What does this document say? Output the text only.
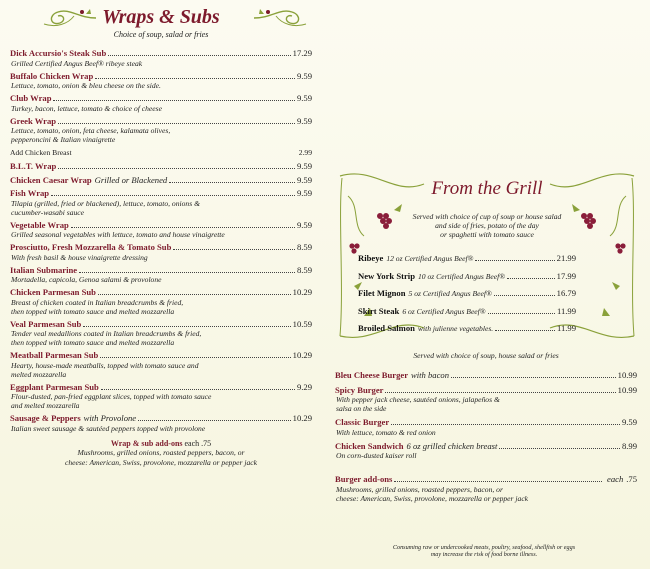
Wraps & Subs
Choice of soup, salad or fries
Dick Accursio's Steak Sub	17.29
Grilled Certified Angus Beef® ribeye steak
Buffalo Chicken Wrap	9.59
Lettuce, tomato, onion & bleu cheese on the side.
Club Wrap	9.59
Turkey, bacon, lettuce, tomato & choice of cheese
Greek Wrap	9.59
Lettuce, tomato, onion, feta cheese, kalamata olives,
pepperoncini & Italian vinaigrette
Add Chicken Breast	2.99
B.L.T. Wrap	9.59
Chicken Caesar Wrap Grilled or Blackened	9.59
Fish Wrap	9.59
Tilapia (grilled, fried or blackened), lettuce, tomato, onions &
cucumber-wasabi sauce
Vegetable Wrap	9.59
Grilled seasonal vegetables with lettuce, tomato and house vinaigrette
Prosciutto, Fresh Mozzarella & Tomato Sub	8.59
With fresh basil & house vinaigrette dressing
Italian Submarine	8.59
Mortadella, capicola, Genoa salami & provolone
Chicken Parmesan Sub	10.29
Breast of chicken coated in Italian breadcrumbs & fried,
then topped with tomato sauce and melted mozzarella
Veal Parmesan Sub	10.59
Tender veal medallions coated in Italian breadcrumbs & fried,
then topped with tomato sauce and melted mozzarella
Meatball Parmesan Sub	10.29
Hearty, house-made meatballs, topped with tomato sauce and
melted mozzarella
Eggplant Parmesan Sub	9.29
Flour-dusted, pan-fried eggplant slices, topped with tomato sauce
and melted mozzarella
Sausage & Peppers with Provolone	10.29
Italian sweet sausage & sautéed peppers topped with provolone
Wrap & sub add-ons each .75
Mushrooms, grilled onions, roasted peppers, bacon, or
cheese: American, Swiss, provolone, mozzarella or pepper jack
From the Grill
Served with choice of cup of soup or house salad
and side of fries, potato of the day
or spaghetti with tomato sauce
Ribeye 12 oz Certified Angus Beef®	21.99
New York Strip 10 oz Certified Angus Beef®	17.99
Filet Mignon 5 oz Certified Angus Beef®	16.79
Skirt Steak 6 oz Certified Angus Beef®	11.99
Broiled Salmon with julienne vegetables.	11.99
Served with choice of soup, house salad or fries
Bleu Cheese Burger with bacon	10.99
Spicy Burger	10.99
With pepper jack cheese, sautéed onions, jalapeños &
salsa on the side
Classic Burger	9.59
With lettuce, tomato & red onion
Chicken Sandwich 6 oz grilled chicken breast	8.99
On corn-dusted kaiser roll
Burger add-ons	each .75
Mushrooms, grilled onions, roasted peppers, bacon, or
cheese: American, Swiss, provolone, mozzarella or pepper jack
Consuming raw or undercooked meats, poultry, seafood, shellfish or eggs
may increase the risk of food borne illness.
